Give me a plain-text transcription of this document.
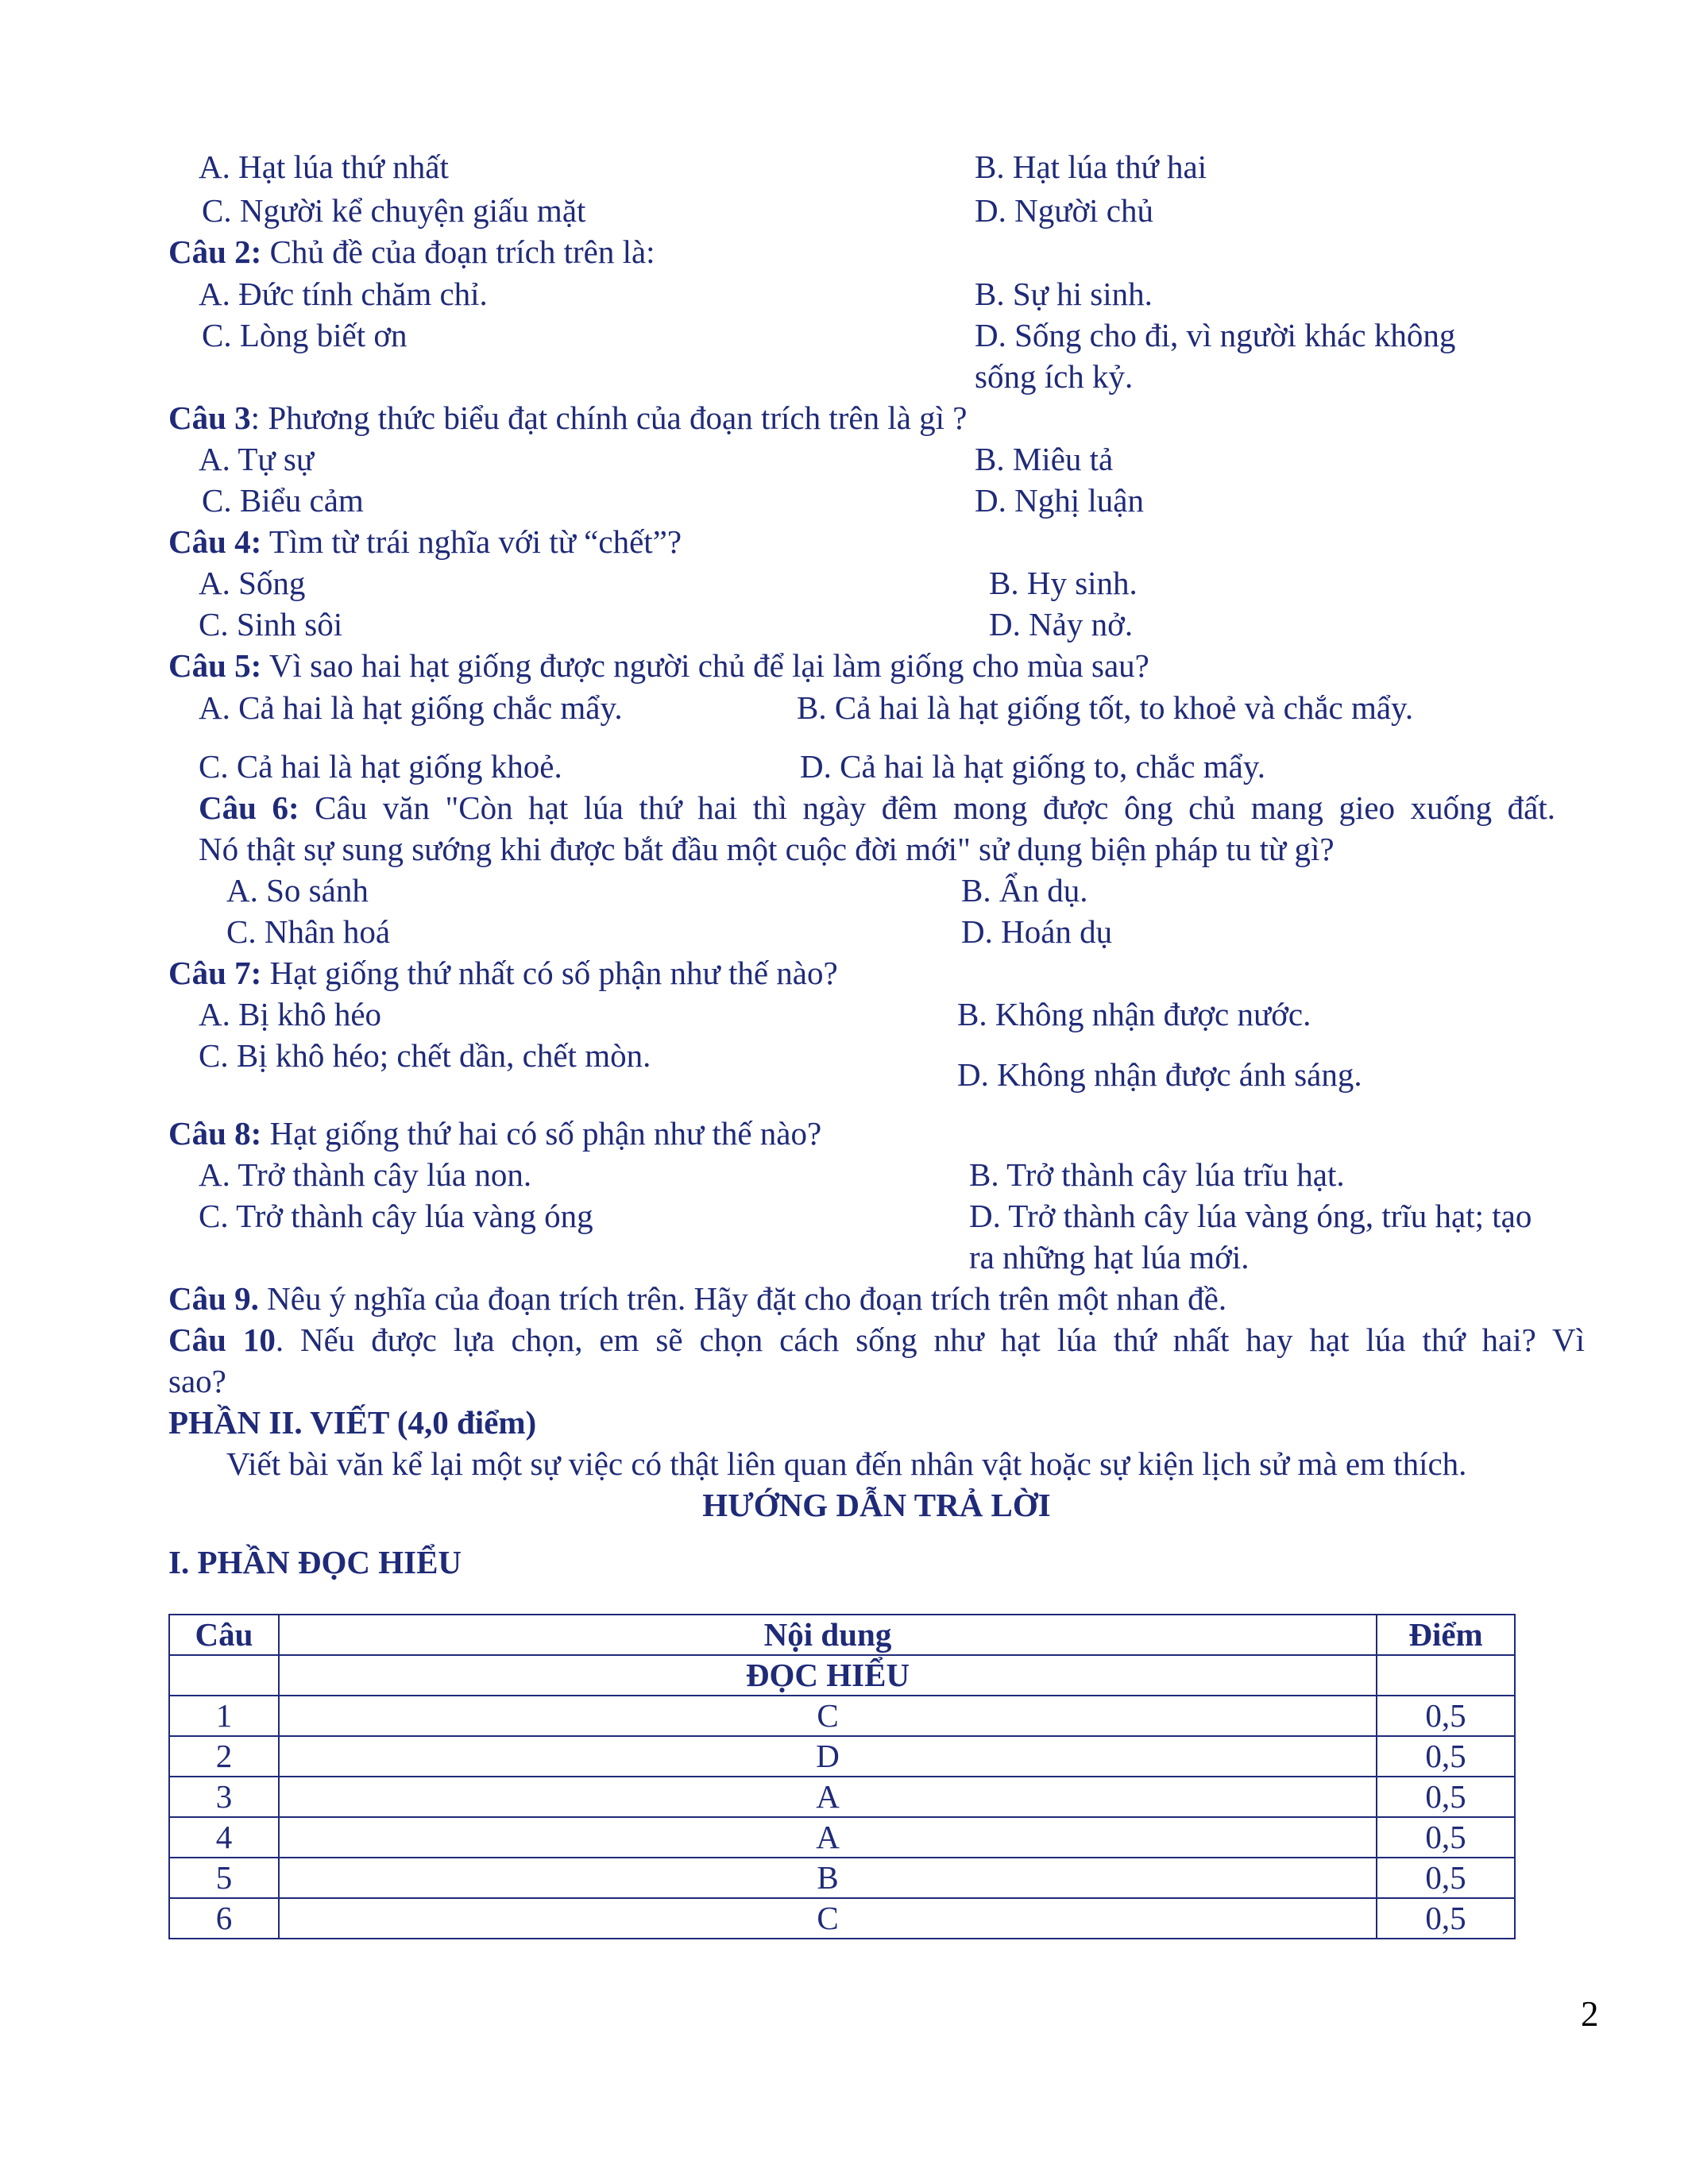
A. Hạt lúa thứ nhất	B. Hạt lúa thứ hai
C. Người kể chuyện giấu mặt	D. Người chủ
Câu 2: Chủ đề của đoạn trích trên là:
A. Đức tính chăm chỉ.	B. Sự hi sinh.
C. Lòng biết ơn	D. Sống cho đi, vì người khác không
sống ích kỷ.
Câu 3: Phương thức biểu đạt chính của đoạn trích trên là gì ?
A. Tự sự	B. Miêu tả
C. Biểu cảm	D. Nghị luận
Câu 4: Tìm từ trái nghĩa với từ “chết”?
A. Sống	B. Hy sinh.
C. Sinh sôi	D. Nảy nở.
Câu 5: Vì sao hai hạt giống được người chủ để lại làm giống cho mùa sau?
A. Cả hai là hạt giống chắc mẩy.	B. Cả hai là hạt giống tốt, to khoẻ và chắc mẩy.
C. Cả hai là hạt giống khoẻ.	D. Cả hai là hạt giống to, chắc mẩy.
Câu 6: Câu văn "Còn hạt lúa thứ hai thì ngày đêm mong được ông chủ mang gieo xuống đất.
Nó thật sự sung sướng khi được bắt đầu một cuộc đời mới" sử dụng biện pháp tu từ gì?
A. So sánh	B. Ẩn dụ.
C. Nhân hoá	D. Hoán dụ
Câu 7: Hạt giống thứ nhất có số phận như thế nào?
A. Bị khô héo	B. Không nhận được nước.
C. Bị khô héo; chết dần, chết mòn.
D. Không nhận được ánh sáng.
Câu 8: Hạt giống thứ hai có số phận như thế nào?
A. Trở thành cây lúa non.	B. Trở thành cây lúa trĩu hạt.
C. Trở thành cây lúa vàng óng	D. Trở thành cây lúa vàng óng, trĩu hạt; tạo
ra những hạt lúa mới.
Câu 9. Nêu ý nghĩa của đoạn trích trên. Hãy đặt cho đoạn trích trên một nhan đề.
Câu 10. Nếu được lựa chọn, em sẽ chọn cách sống như hạt lúa thứ nhất hay hạt lúa thứ hai? Vì
sao?
PHẦN II. VIẾT (4,0 điểm)
Viết bài văn kể lại một sự việc có thật liên quan đến nhân vật hoặc sự kiện lịch sử mà em thích.
HƯỚNG DẪN TRẢ LỜI
I. PHẦN ĐỌC HIỂU
Câu	Nội dung	Điểm
	ĐỌC HIỂU	
1	C	0,5
2	D	0,5
3	A	0,5
4	A	0,5
5	B	0,5
6	C	0,5
2
